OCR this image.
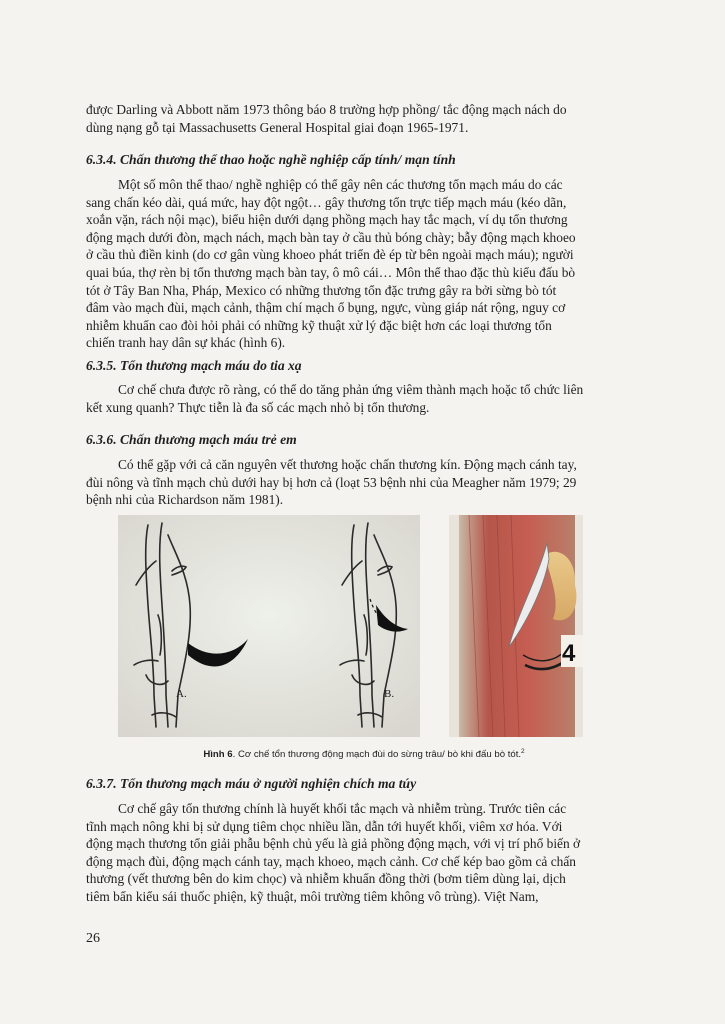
được Darling và Abbott năm 1973 thông báo 8 trường hợp phồng/ tắc động mạch nách do
dùng nạng gỗ tại Massachusetts General Hospital giai đoạn 1965-1971.
6.3.4. Chấn thương thể thao hoặc nghề nghiệp cấp tính/ mạn tính
Một số môn thể thao/ nghề nghiệp có thể gây nên các thương tổn mạch máu do các
sang chấn kéo dài, quá mức, hay đột ngột… gây thương tổn trực tiếp mạch máu (kéo dãn,
xoắn vặn, rách nội mạc), biểu hiện dưới dạng phồng mạch hay tắc mạch, ví dụ tổn thương
động mạch dưới đòn, mạch nách, mạch bàn tay ở cầu thủ bóng chày; bẫy động mạch khoeo
ở cầu thủ điền kinh (do cơ gân vùng khoeo phát triển đè ép từ bên ngoài mạch máu); người
quai búa, thợ rèn bị tổn thương mạch bàn tay, ô mô cái… Môn thể thao đặc thù kiểu đấu bò
tót ở Tây Ban Nha, Pháp, Mexico có những thương tổn đặc trưng gây ra bởi sừng bò tót
đâm vào mạch đùi, mạch cảnh, thậm chí mạch ổ bụng, ngực, vùng giáp nát rộng, nguy cơ
nhiễm khuẩn cao đòi hỏi phải có những kỹ thuật xử lý đặc biệt hơn các loại thương tổn
chiến tranh hay dân sự khác (hình 6).
6.3.5. Tổn thương mạch máu do tia xạ
Cơ chế chưa được rõ ràng, có thể do tăng phản ứng viêm thành mạch hoặc tổ chức liên
kết xung quanh? Thực tiễn là đa số các mạch nhỏ bị tổn thương.
6.3.6. Chấn thương mạch máu trẻ em
Có thể gặp với cả căn nguyên vết thương hoặc chấn thương kín. Động mạch cánh tay,
đùi nông và tĩnh mạch chủ dưới hay bị hơn cả (loạt 53 bệnh nhi của Meagher năm 1979; 29
bệnh nhi của Richardson năm 1981).
A.	B.
4
Hình 6. Cơ chế tổn thương động mạch đùi do sừng trâu/ bò khi đấu bò tót.$^2$
6.3.7. Tổn thương mạch máu ở người nghiện chích ma túy
Cơ chế gây tổn thương chính là huyết khối tắc mạch và nhiễm trùng. Trước tiên các
tĩnh mạch nông khi bị sử dụng tiêm chọc nhiều lần, dẫn tới huyết khối, viêm xơ hóa. Với
động mạch thương tổn giải phẫu bệnh chủ yếu là giả phồng động mạch, với vị trí phổ biến ở
động mạch đùi, động mạch cánh tay, mạch khoeo, mạch cảnh. Cơ chế kép bao gồm cả chấn
thương (vết thương bên do kim chọc) và nhiễm khuẩn đồng thời (bơm tiêm dùng lại, dịch
tiêm bẩn kiểu sái thuốc phiện, kỹ thuật, môi trường tiêm không vô trùng). Việt Nam,
26
